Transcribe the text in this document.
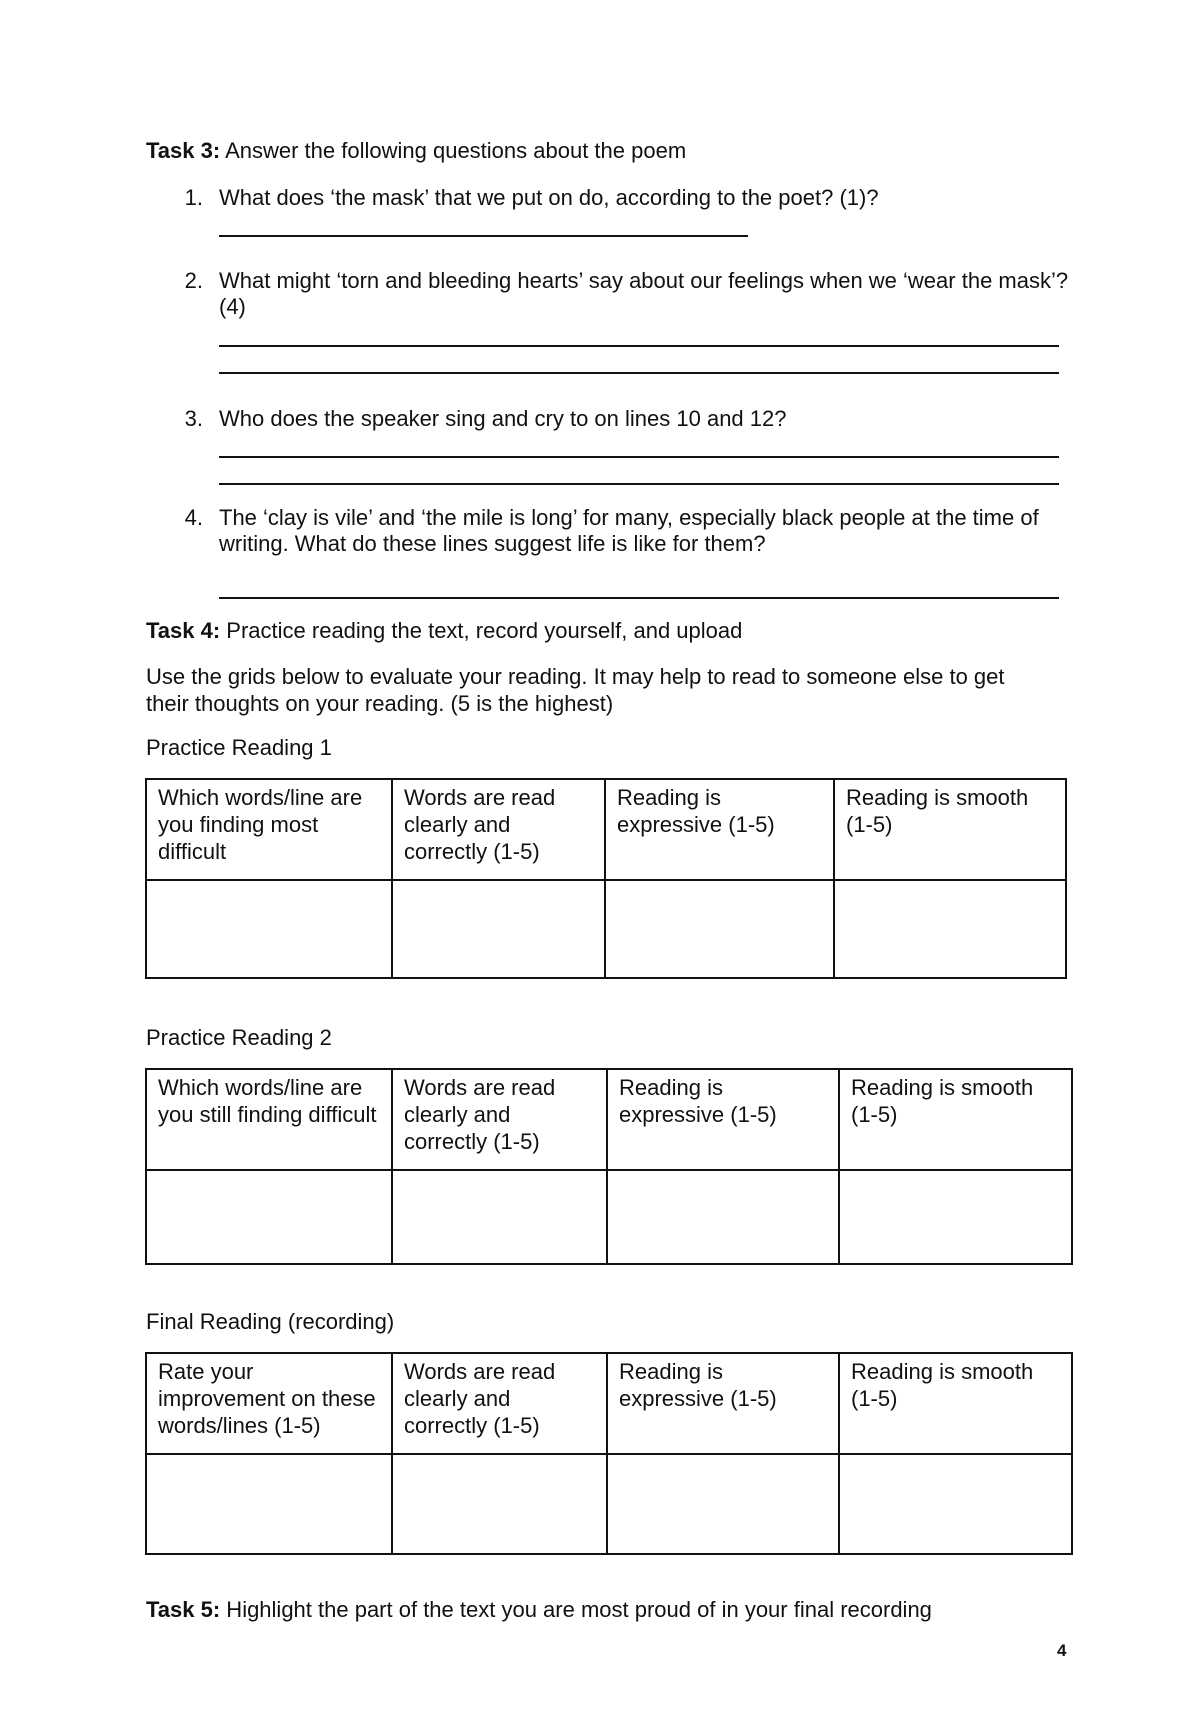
Task 3: Answer the following questions about the poem
1. What does ‘the mask’ that we put on do, according to the poet? (1)?
2. What might ‘torn and bleeding hearts’ say about our feelings when we ‘wear the mask’? (4)
3. Who does the speaker sing and cry to on lines 10 and 12?
4. The ‘clay is vile’ and ‘the mile is long’ for many, especially black people at the time of writing. What do these lines suggest life is like for them?
Task 4: Practice reading the text, record yourself, and upload
Use the grids below to evaluate your reading. It may help to read to someone else to get their thoughts on your reading. (5 is the highest)
Practice Reading 1
Which words/line are you finding most difficult	Words are read clearly and correctly (1-5)	Reading is expressive (1-5)	Reading is smooth (1-5)

Practice Reading 2
Which words/line are you still finding difficult	Words are read clearly and correctly (1-5)	Reading is expressive (1-5)	Reading is smooth (1-5)

Final Reading (recording)
Rate your improvement on these words/lines (1-5)	Words are read clearly and correctly (1-5)	Reading is expressive (1-5)	Reading is smooth (1-5)

Task 5: Highlight the part of the text you are most proud of in your final recording
4
